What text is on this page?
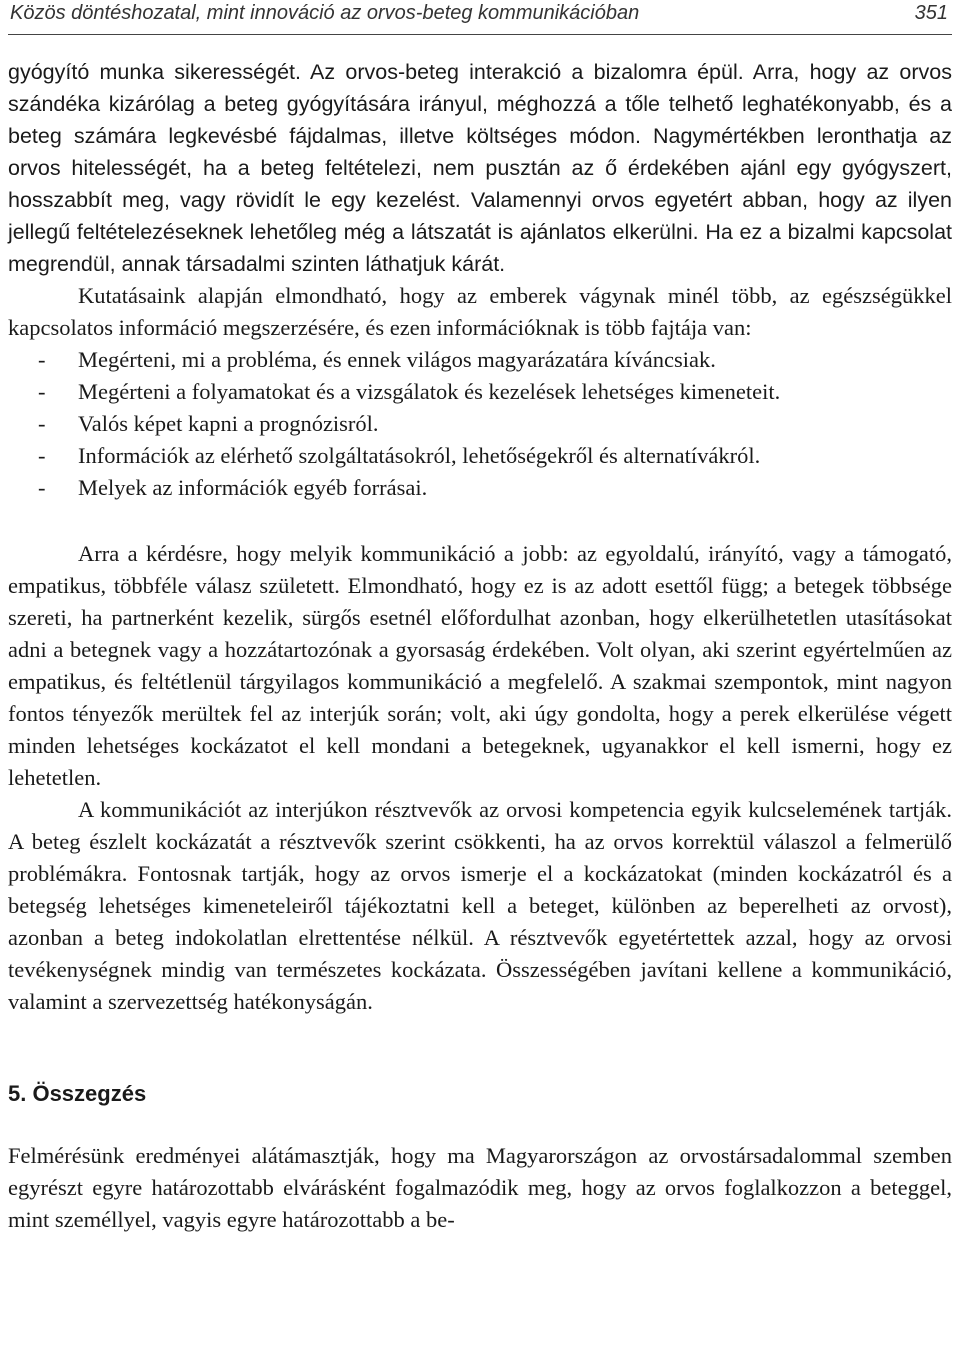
Közös döntéshozatal, mint innováció az orvos-beteg kommunikációban	351

gyógyító munka sikerességét. Az orvos-beteg interakció a bizalomra épül. Arra, hogy az orvos szándéka kizárólag a beteg gyógyítására irányul, méghozzá a tőle telhető leghatékonyabb, és a beteg számára legkevésbé fájdalmas, illetve költséges módon. Nagymértékben leronthatja az orvos hitelességét, ha a beteg feltételezi, nem pusztán az ő érdekében ajánl egy gyógyszert, hosszabbít meg, vagy rövidít le egy kezelést. Valamennyi orvos egyetért abban, hogy az ilyen jellegű feltételezéseknek lehetőleg még a látszatát is ajánlatos elkerülni. Ha ez a bizalmi kapcsolat megrendül, annak társadalmi szinten láthatjuk kárát.

Kutatásaink alapján elmondható, hogy az emberek vágynak minél több, az egészségükkel kapcsolatos információ megszerzésére, és ezen információknak is több fajtája van:

- Megérteni, mi a probléma, és ennek világos magyarázatára kíváncsiak.
- Megérteni a folyamatokat és a vizsgálatok és kezelések lehetséges kimeneteit.
- Valós képet kapni a prognózisról.
- Információk az elérhető szolgáltatásokról, lehetőségekről és alternatívákról.
- Melyek az információk egyéb forrásai.

Arra a kérdésre, hogy melyik kommunikáció a jobb: az egyoldalú, irányító, vagy a támogató, empatikus, többféle válasz született. Elmondható, hogy ez is az adott esettől függ; a betegek többsége szereti, ha partnerként kezelik, sürgős esetnél előfordulhat azonban, hogy elkerülhetetlen utasításokat adni a betegnek vagy a hozzátartozónak a gyorsaság érdekében. Volt olyan, aki szerint egyértelműen az empatikus, és feltétlenül tárgyilagos kommunikáció a megfelelő. A szakmai szempontok, mint nagyon fontos tényezők merültek fel az interjúk során; volt, aki úgy gondolta, hogy a perek elkerülése végett minden lehetséges kockázatot el kell mondani a betegeknek, ugyanakkor el kell ismerni, hogy ez lehetetlen.

A kommunikációt az interjúkon résztvevők az orvosi kompetencia egyik kulcselemének tartják. A beteg észlelt kockázatát a résztvevők szerint csökkenti, ha az orvos korrektül válaszol a felmerülő problémákra. Fontosnak tartják, hogy az orvos ismerje el a kockázatokat (minden kockázatról és a betegség lehetséges kimeneteleiről tájékoztatni kell a beteget, különben az beperelheti az orvost), azonban a beteg indokolatlan elrettentése nélkül. A résztvevők egyetértettek azzal, hogy az orvosi tevékenységnek mindig van természetes kockázata. Összességében javítani kellene a kommunikáció, valamint a szervezettség hatékonyságán.

5. Összegzés

Felmérésünk eredményei alátámasztják, hogy ma Magyarországon az orvostársadalommal szemben egyrészt egyre határozottabb elvárásként fogalmazódik meg, hogy az orvos foglalkozzon a beteggel, mint személlyel, vagyis egyre határozottabb a be-
